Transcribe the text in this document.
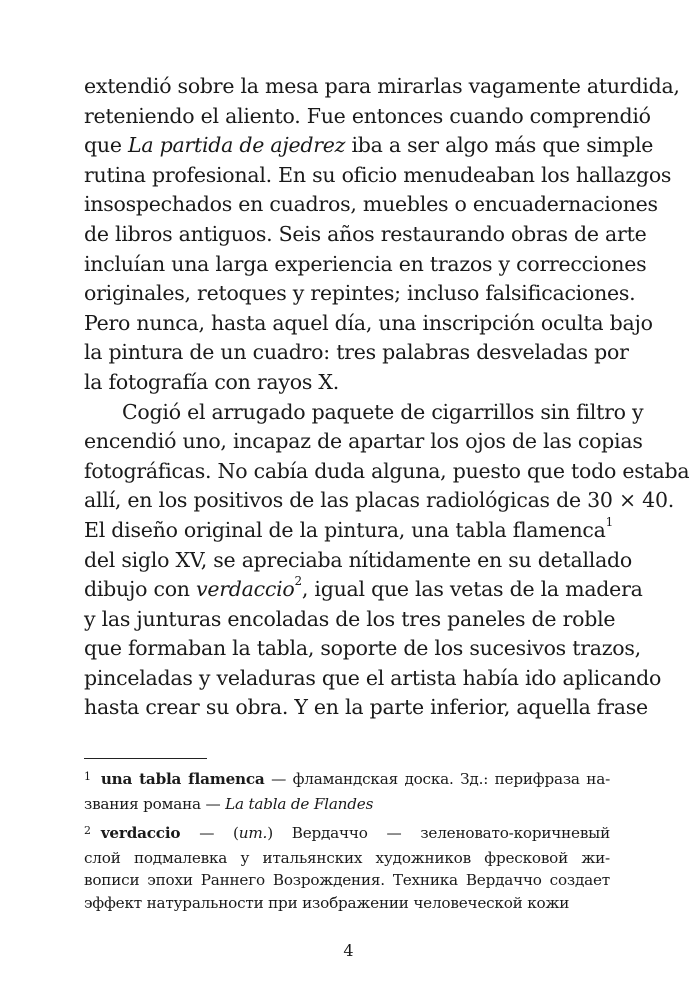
extendió sobre la mesa para mirarlas vagamente aturdida,
reteniendo el aliento. Fue entonces cuando comprendió
que La partida de ajedrez iba a ser algo más que simple
rutina profesional. En su oficio menudeaban los hallazgos
insospechados en cuadros, muebles o encuadernaciones
de libros antiguos. Seis años restaurando obras de arte
incluían una larga experiencia en trazos y correcciones
originales, retoques y repintes; incluso falsificaciones.
Pero nunca, hasta aquel día, una inscripción oculta bajo
la pintura de un cuadro: tres palabras desveladas por
la fotografía con rayos X.
Cogió el arrugado paquete de cigarrillos sin filtro y
encendió uno, incapaz de apartar los ojos de las copias
fotográficas. No cabía duda alguna, puesto que todo estaba
allí, en los positivos de las placas radiológicas de 30 × 40.
El diseño original de la pintura, una tabla flamenca$^1$
del siglo XV, se apreciaba nítidamente en su detallado
dibujo con verdaccio$^2$, igual que las vetas de la madera
y las junturas encoladas de los tres paneles de roble
que formaban la tabla, soporte de los sucesivos trazos,
pinceladas y veladuras que el artista había ido aplicando
hasta crear su obra. Y en la parte inferior, aquella frase
$^1$ una tabla flamenca — фламандская доска. Зд.: перифраза на-
звания романа — La tabla de Flandes
$^2$ verdaccio — (ит.) Вердаччо — зеленовато-коричневый
слой подмалевка у итальянских художников фресковой жи-
вописи эпохи Раннего Возрождения. Техника Вердаччо создает
эффект натуральности при изображении человеческой кожи
4
